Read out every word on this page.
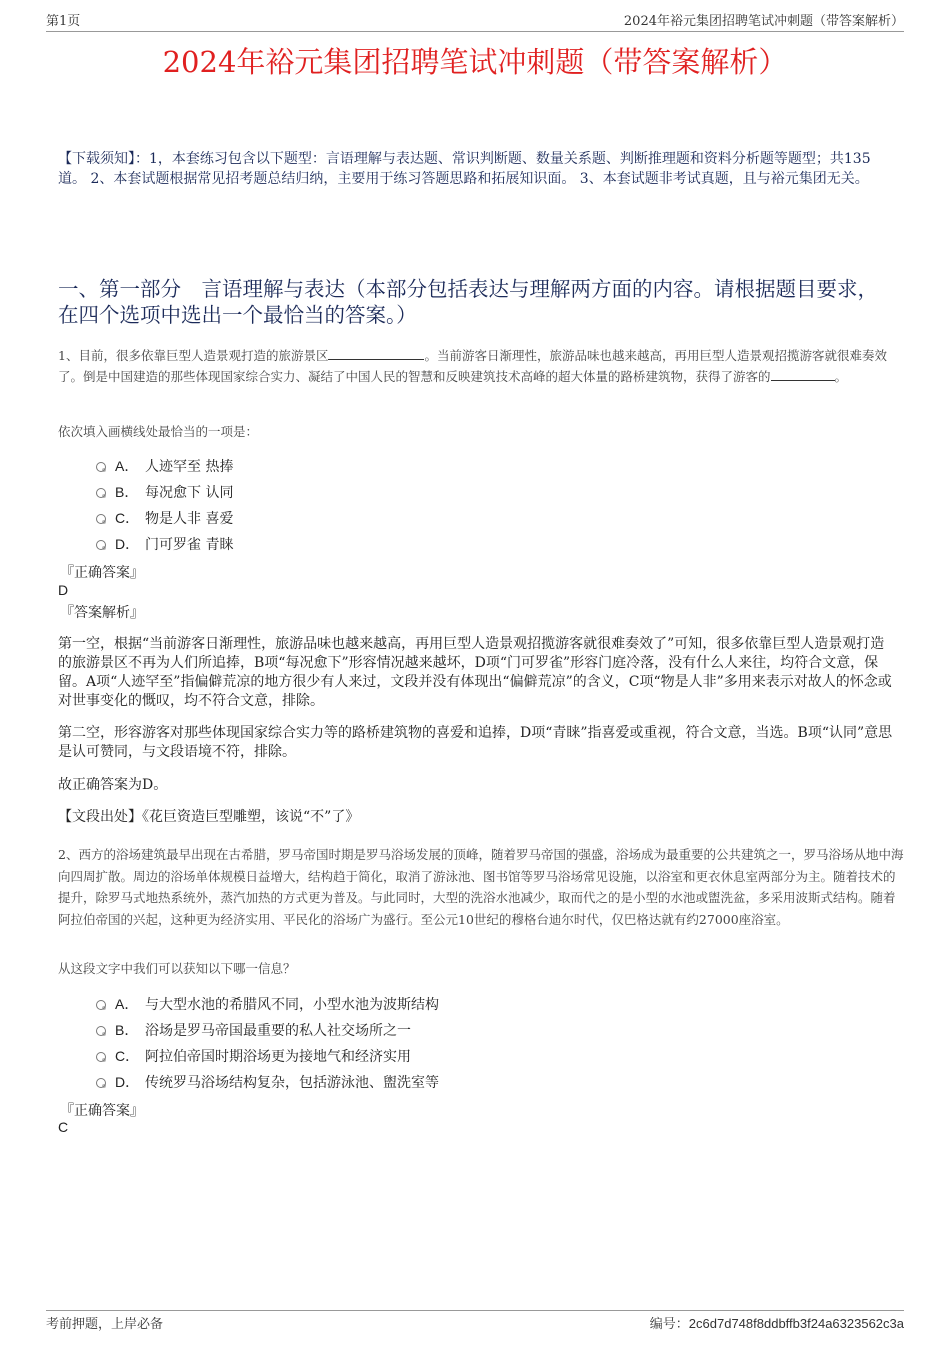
第1页	2024年裕元集团招聘笔试冲刺题（带答案解析）
2024年裕元集团招聘笔试冲刺题（带答案解析）
【下载须知】：1，本套练习包含以下题型：言语理解与表达题、常识判断题、数量关系题、判断推理题和资料分析题等题型；共135道。 2、本套试题根据常见招考题总结归纳，主要用于练习答题思路和拓展知识面。 3、本套试题非考试真题，且与裕元集团无关。
一、第一部分　言语理解与表达（本部分包括表达与理解两方面的内容。请根据题目要求，在四个选项中选出一个最恰当的答案。）
1、目前，很多依靠巨型人造景观打造的旅游景区	。当前游客日渐理性，旅游品味也越来越高，再用巨型人造景观招揽游客就很难奏效了。倒是中国建造的那些体现国家综合实力、凝结了中国人民的智慧和反映建筑技术高峰的超大体量的路桥建筑物，获得了游客的	。
依次填入画横线处最恰当的一项是：
A． 人迹罕至 热捧
B． 每况愈下 认同
C． 物是人非 喜爱
D． 门可罗雀 青睐
『正确答案』
D
『答案解析』
第一空，根据“当前游客日渐理性，旅游品味也越来越高，再用巨型人造景观招揽游客就很难奏效了”可知，很多依靠巨型人造景观打造的旅游景区不再为人们所追捧，B项“每况愈下”形容情况越来越坏，D项“门可罗雀”形容门庭冷落，没有什么人来往，均符合文意，保留。A项“人迹罕至”指偏僻荒凉的地方很少有人来过，文段并没有体现出“偏僻荒凉”的含义，C项“物是人非”多用来表示对故人的怀念或对世事变化的慨叹，均不符合文意，排除。
第二空，形容游客对那些体现国家综合实力等的路桥建筑物的喜爱和追捧，D项“青睐”指喜爱或重视，符合文意，当选。B项“认同”意思是认可赞同，与文段语境不符，排除。
故正确答案为D。
【文段出处】《花巨资造巨型雕塑，该说“不”了》
2、西方的浴场建筑最早出现在古希腊，罗马帝国时期是罗马浴场发展的顶峰，随着罗马帝国的强盛，浴场成为最重要的公共建筑之一，罗马浴场从地中海向四周扩散。周边的浴场单体规模日益增大，结构趋于简化，取消了游泳池、图书馆等罗马浴场常见设施，以浴室和更衣休息室两部分为主。随着技术的提升，除罗马式地热系统外，蒸汽加热的方式更为普及。与此同时，大型的洗浴水池减少，取而代之的是小型的水池或盥洗盆，多采用波斯式结构。随着阿拉伯帝国的兴起，这种更为经济实用、平民化的浴场广为盛行。至公元10世纪的穆格台迪尔时代，仅巴格达就有约27000座浴室。
从这段文字中我们可以获知以下哪一信息？
A． 与大型水池的希腊风不同，小型水池为波斯结构
B． 浴场是罗马帝国最重要的私人社交场所之一
C． 阿拉伯帝国时期浴场更为接地气和经济实用
D． 传统罗马浴场结构复杂，包括游泳池、盥洗室等
『正确答案』
C
考前押题，上岸必备	编号：2c6d7d748f8ddbffb3f24a6323562c3a
